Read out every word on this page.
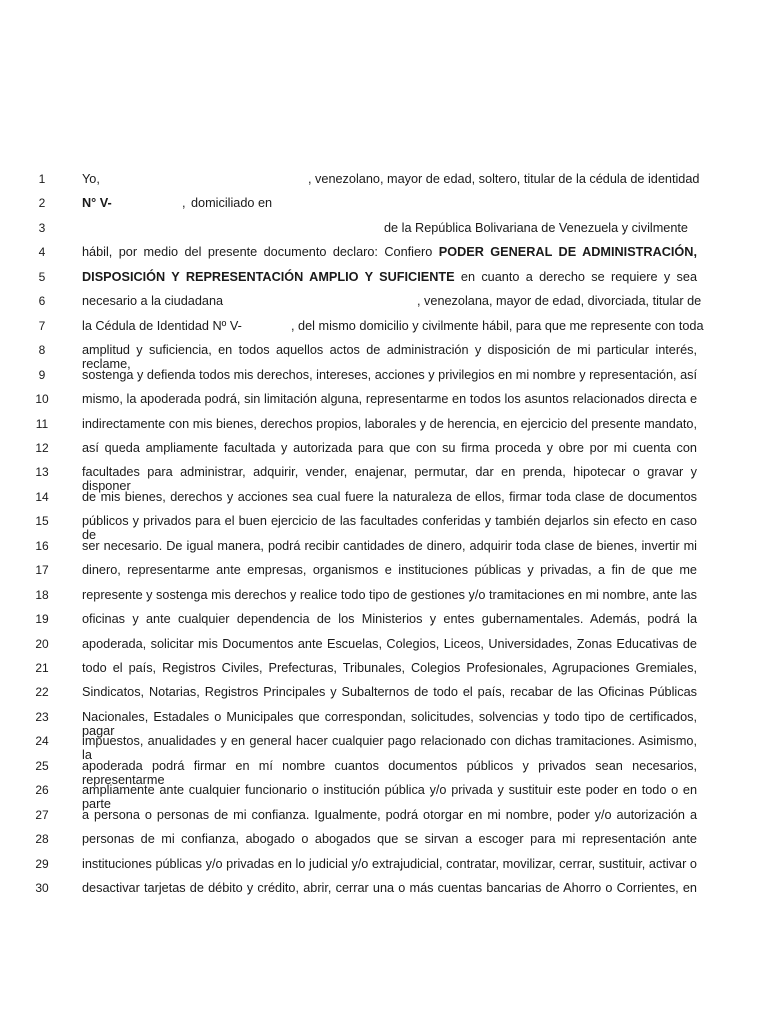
1	Yo,	, venezolano, mayor de edad, soltero, titular de la cédula de identidad
2	N° V-	, domiciliado en
3	de la República Bolivariana de Venezuela y civilmente
4	hábil, por medio del presente documento declaro: Confiero PODER GENERAL DE ADMINISTRACIÓN,
5	DISPOSICIÓN Y REPRESENTACIÓN AMPLIO Y SUFICIENTE en cuanto a derecho se requiere y sea
6	necesario a la ciudadana	, venezolana, mayor de edad, divorciada, titular de
7	la Cédula de Identidad Nº V-	, del mismo domicilio y civilmente hábil, para que me represente con toda
8	amplitud y suficiencia, en todos aquellos actos de administración y disposición de mi particular interés, reclame,
9	sostenga y defienda todos mis derechos, intereses, acciones y privilegios en mi nombre y representación, así
10	mismo, la apoderada podrá, sin limitación alguna, representarme en todos los asuntos relacionados directa e
11	indirectamente con mis bienes, derechos propios, laborales y de herencia, en ejercicio del presente mandato,
12	así queda ampliamente facultada y autorizada para que con su firma proceda y obre por mi cuenta con
13	facultades para administrar, adquirir, vender, enajenar, permutar, dar en prenda, hipotecar o gravar y disponer
14	de mis bienes, derechos y acciones sea cual fuere la naturaleza de ellos, firmar toda clase de documentos
15	públicos y privados para el buen ejercicio de las facultades conferidas y también dejarlos sin efecto en caso de
16	ser necesario. De igual manera, podrá recibir cantidades de dinero, adquirir toda clase de bienes, invertir mi
17	dinero, representarme ante empresas, organismos e instituciones públicas y privadas, a fin de que me
18	represente y sostenga mis derechos y realice todo tipo de gestiones y/o tramitaciones en mi nombre, ante las
19	oficinas y ante cualquier dependencia de los Ministerios y entes gubernamentales. Además, podrá la
20	apoderada, solicitar mis Documentos ante Escuelas, Colegios, Liceos, Universidades, Zonas Educativas de
21	todo el país, Registros Civiles, Prefecturas, Tribunales, Colegios Profesionales, Agrupaciones Gremiales,
22	Sindicatos, Notarias, Registros Principales y Subalternos de todo el país, recabar de las Oficinas Públicas
23	Nacionales, Estadales o Municipales que correspondan, solicitudes, solvencias y todo tipo de certificados, pagar
24	impuestos, anualidades y en general hacer cualquier pago relacionado con dichas tramitaciones. Asimismo, la
25	apoderada podrá firmar en mí nombre cuantos documentos públicos y privados sean necesarios, representarme
26	ampliamente ante cualquier funcionario o institución pública y/o privada y sustituir este poder en todo o en parte
27	a persona o personas de mi confianza. Igualmente, podrá otorgar en mi nombre, poder y/o autorización a
28	personas de mi confianza, abogado o abogados que se sirvan a escoger para mi representación ante
29	instituciones públicas y/o privadas en lo judicial y/o extrajudicial, contratar, movilizar, cerrar, sustituir, activar o
30	desactivar tarjetas de débito y crédito, abrir, cerrar una o más cuentas bancarias de Ahorro o Corrientes, en
